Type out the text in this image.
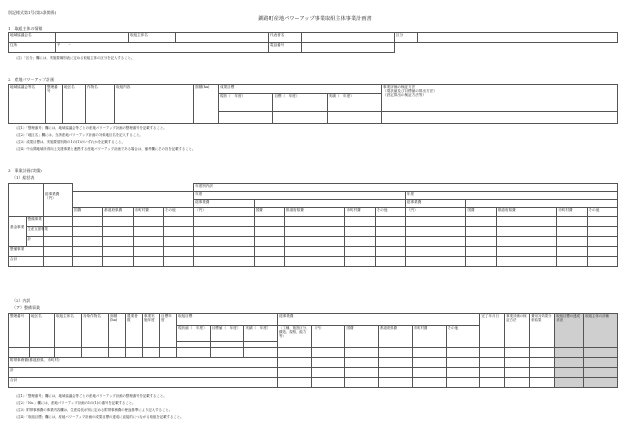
別記様式第1号(第3条関係)
釧路町産地パワーアップ事業取組主体事業計画書
1　取組主体の情報
地域協議会名		取組主体名		代表者名		区分	
住所	〒　　－			電話番号			
（注）「区分」欄には、実施要綱別表に定める取組主体の区分を記入すること。
2　産地パワーアップ計画
地域協議会等名	整理番号	地区名	作物名	取組内容	面積(ha)	成果目標			事業評価の検証方法
（現状値及び目標値の算出方法）
（設定算出の検証方法等）
						現状（　年度）	目標（　年度）	実績（　年度）	

（注1）「整理番号」欄には、地域協議会等ごとの産地パワーアップ計画の整理番号を記載すること。
（注2）「地区名」欄には、当該産地パワーアップ計画の対象地区名を記入すること。
（注3）成果目標は、実施要領別紙の1の(1)のいずれかを記載すること。
（注4）中山間地域所得向上支援事業と連携する産地パワーアップ計画である場合は、備考欄にその旨を記載すること。
3　事業計画(実績)
（1）総括表

総事業費
（円）					年度別内訳									
							年度					年度				
							総事業費					総事業費				
			国費	都道府県費	市町村費	その他	（円）	国費	都道府県費	市町村費	その他	（円）	国費	都道府県費	市町村費	その他

基金事業	整備事業															
	生産支援事業															
	計															
整備事業																
合計																
（2）内訳
（ア）整備事業
整理番号	地区名	取組主体名	対象作物名	面積(ha)	農業者数	事業実施年度	目標年度	取組目標			総事業費						完了年月日	事業評価の検証方法	費用対効果分析結果	取組目標の達成状況	取組主体の評価
								現状値（　年度）	目標値（　年度）	実績（　年度）	（工種、施設区分、構造、規格、能力等）	（円）	国費	都道府県費	市町村費	その他					

附帯事務費(都道府県、市町村)																					
計																					
合計																					
（注1）「整理番号」欄には、地域協議会等ごとの産地パワーアップ計画の整理番号を記載すること。
（注2）「No.」欄には、産地パワーアップ計画の1の(1)の番号を記載すること。
（注3）附帯事務費の事業内容欄は、生産局長が別に定める附帯事務費の使途基準により記入すること。
（注4）「取組目標」欄には、産地パワーアップ計画の成果目標の達成に直接的につながる取組を記載すること。
